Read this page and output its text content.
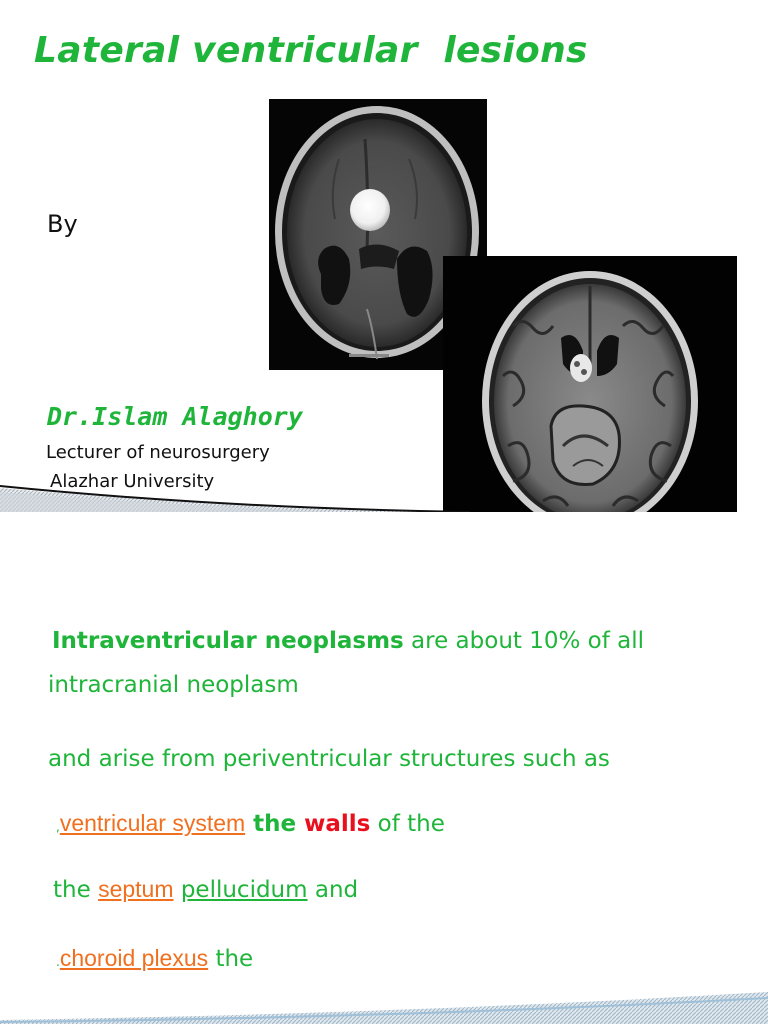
Lateral ventricular  lesions
By
Dr.Islam Alaghory
Lecturer of neurosurgery
Alazhar University
Intraventricular neoplasms are about 10% of all
intracranial neoplasm
and arise from periventricular structures such as
,ventricular system the walls of the
the septum pellucidum and
.choroid plexus the
